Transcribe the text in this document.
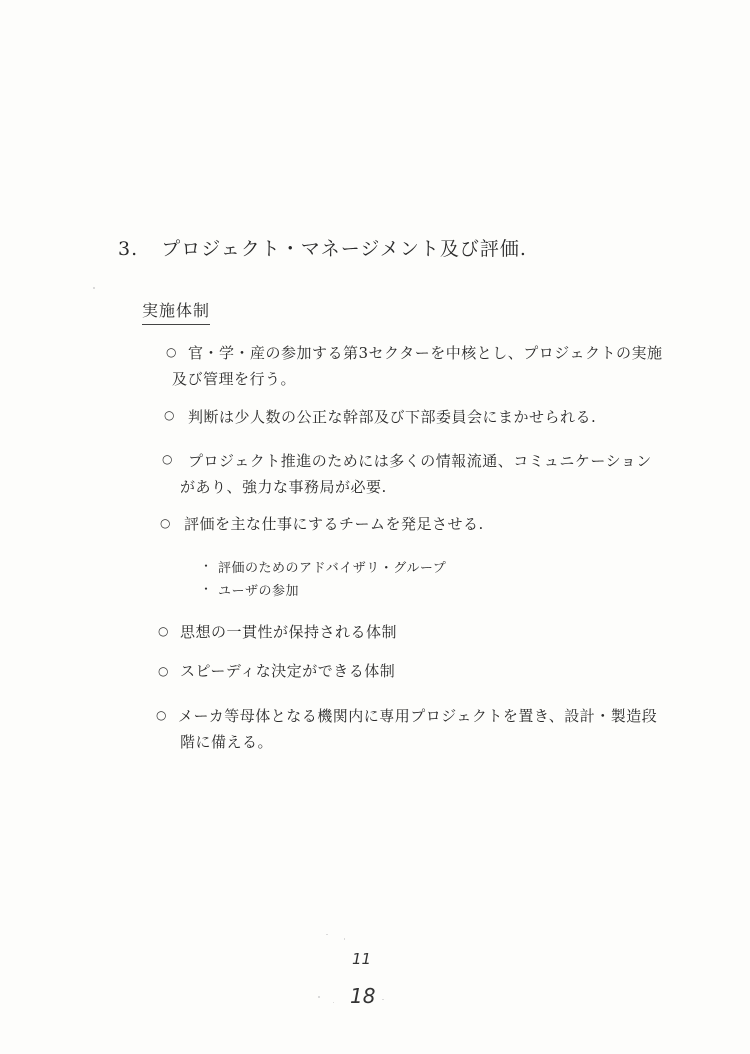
3. プロジェクト・マネージメント及び評価.
実施体制
○ 官・学・産の参加する第3セクターを中核とし、プロジェクトの実施
及び管理を行う。
○ 判断は少人数の公正な幹部及び下部委員会にまかせられる.
○ プロジェクト推進のためには多くの情報流通、コミュニケーション
があり、強力な事務局が必要.
○ 評価を主な仕事にするチームを発足させる.
・ 評価のためのアドバイザリ・グループ
・ ユーザの参加
○ 思想の一貫性が保持される体制
○ スピーディな決定ができる体制
○ メーカ等母体となる機関内に専用プロジェクトを置き、設計・製造段
階に備える。
11
18
